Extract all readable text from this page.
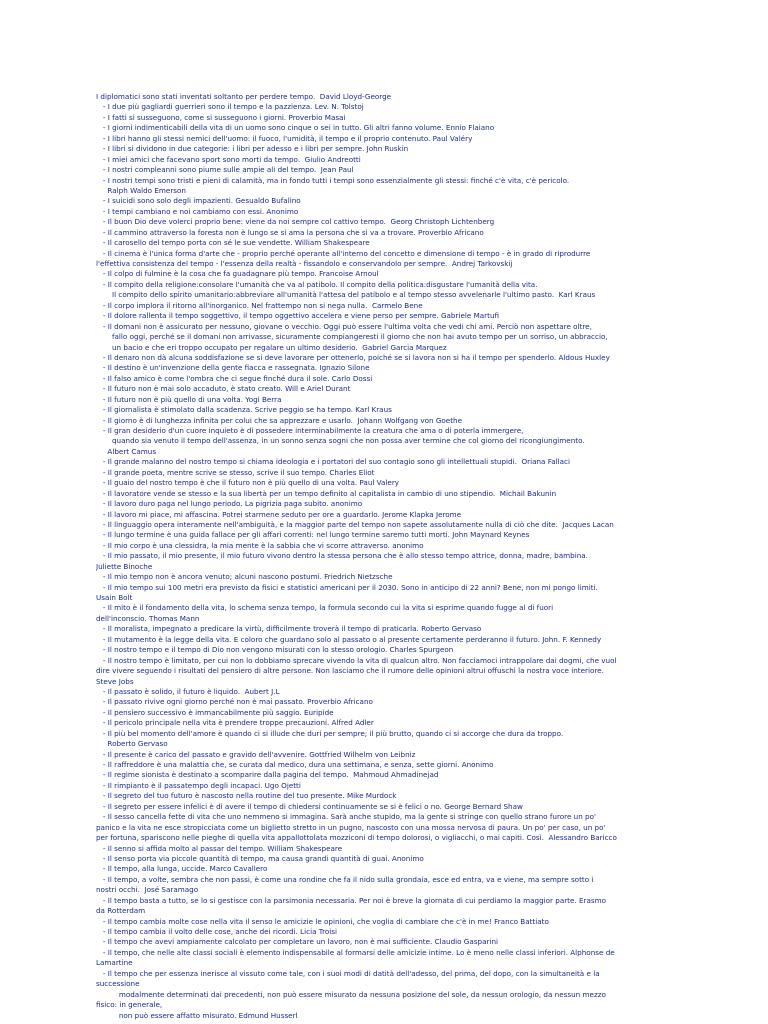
I diplomatici sono stati inventati soltanto per perdere tempo.  David Lloyd-George
- I due più gagliardi guerrieri sono il tempo e la pazzienza. Lev. N. Tolstoj
- I fatti si susseguono, come si susseguono i giorni. Proverbio Masai
- I giorni indimenticabili della vita di un uomo sono cinque o sei in tutto. Gli altri fanno volume. Ennio Flaiano
- I libri hanno gli stessi nemici dell'uomo: il fuoco, l'umidità, il tempo e il proprio contenuto. Paul Valéry
- I libri si dividono in due categorie: i libri per adesso e i libri per sempre. John Ruskin
- I miei amici che facevano sport sono morti da tempo.  Giulio Andreotti
- I nostri compleanni sono piume sulle ampie ali del tempo.  Jean Paul
- I nostri tempi sono tristi e pieni di calamità, ma in fondo tutti i tempi sono essenzialmente gli stessi: finché c'è vita, c'è pericolo.
Ralph Waldo Emerson
- I suicidi sono solo degli impazienti. Gesualdo Bufalino
- I tempi cambiano e noi cambiamo con essi. Anonimo
- Il buon Dio deve volerci proprio bene: viene da noi sempre col cattivo tempo.  Georg Christoph Lichtenberg
- Il cammino attraverso la foresta non è lungo se si ama la persona che si va a trovare. Proverbio Africano
- Il carosello del tempo porta con sé le sue vendette. William Shakespeare
- Il cinema è l'unica forma d'arte che - proprio perché operante all'interno del concetto e dimensione di tempo - è in grado di riprodurre
l'effettiva consistenza del tempo - l'essenza della realtà - fissandolo e conservandolo per sempre.  Andrej Tarkovskij
- Il colpo di fulmine è la cosa che fa guadagnare più tempo. Francoise Arnoul
- Il compito della religione:consolare l'umanità che va al patibolo. Il compito della politica:disgustare l'umanità della vita.
Il compito dello spirito umanitario:abbreviare all'umanità l'attesa del patibolo e al tempo stesso avvelenarle l'ultimo pasto.  Karl Kraus
- Il corpo implora il ritorno all'inorganico. Nel frattempo non si nega nulla.  Carmelo Bene
- Il dolore rallenta il tempo soggettivo, il tempo oggettivo accelera e viene perso per sempre. Gabriele Martufi
- Il domani non è assicurato per nessuno, giovane o vecchio. Oggi può essere l'ultima volta che vedi chi ami. Perciò non aspettare oltre,
fallo oggi, perché se il domani non arrivasse, sicuramente compiangeresti il giorno che non hai avuto tempo per un sorriso, un abbraccio,
un bacio e che eri troppo occupato per regalare un ultimo desiderio.  Gabriel Garcia Marquez
- Il denaro non dà alcuna soddisfazione se si deve lavorare per ottenerlo, poiché se si lavora non si ha il tempo per spenderlo. Aldous Huxley
- Il destino è un'invenzione della gente fiacca e rassegnata. Ignazio Silone
- Il falso amico è come l'ombra che ci segue finché dura il sole. Carlo Dossi
- Il futuro non è mai solo accaduto, è stato creato. Will e Ariel Durant
- Il futuro non è più quello di una volta. Yogi Berra
- Il giornalista è stimolato dalla scadenza. Scrive peggio se ha tempo. Karl Kraus
- Il giorno è di lunghezza infinita per colui che sa apprezzare e usarlo.  Johann Wolfgang von Goethe
- Il gran desiderio d'un cuore inquieto è di possedere interminabilmente la creatura che ama o di poterla immergere,
quando sia venuto il tempo dell'assenza, in un sonno senza sogni che non possa aver termine che col giorno del ricongiungimento.
Albert Camus
- Il grande malanno del nostro tempo si chiama ideologia e i portatori del suo contagio sono gli intellettuali stupidi.  Oriana Fallaci
- Il grande poeta, mentre scrive se stesso, scrive il suo tempo. Charles Eliot
- Il guaio del nostro tempo è che il futuro non è più quello di una volta. Paul Valery
- Il lavoratore vende se stesso e la sua libertà per un tempo definito al capitalista in cambio di uno stipendio.  Michail Bakunin
- Il lavoro duro paga nel lungo periodo. La pigrizia paga subito. anonimo
- Il lavoro mi piace, mi affascina. Potrei starmene seduto per ore a guardarlo. Jerome Klapka Jerome
- Il linguaggio opera interamente nell'ambiguità, e la maggior parte del tempo non sapete assolutamente nulla di ciò che dite.  Jacques Lacan
- Il lungo termine è una guida fallace per gli affari correnti: nel lungo termine saremo tutti morti. John Maynard Keynes
- Il mio corpo è una clessidra, la mia mente è la sabbia che vi scorre attraverso. anonimo
- Il mio passato, il mio presente, il mio futuro vivono dentro la stessa persona che è allo stesso tempo attrice, donna, madre, bambina.
Juliette Binoche
- Il mio tempo non è ancora venuto; alcuni nascono postumi. Friedrich Nietzsche
- Il mio tempo sui 100 metri era previsto da fisici e statistici americani per il 2030. Sono in anticipo di 22 anni? Bene, non mi pongo limiti.
Usain Bolt
- Il mito è il fondamento della vita, lo schema senza tempo, la formula secondo cui la vita si esprime quando fugge al di fuori
dell'inconscio. Thomas Mann
- Il moralista, impegnato a predicare la virtù, difficilmente troverà il tempo di praticarla. Roberto Gervaso
- Il mutamento è la legge della vita. E coloro che guardano solo al passato o al presente certamente perderanno il futuro. John. F. Kennedy
- Il nostro tempo e il tempo di Dio non vengono misurati con lo stesso orologio. Charles Spurgeon
- Il nostro tempo è limitato, per cui non lo dobbiamo sprecare vivendo la vita di qualcun altro. Non facciamoci intrappolare dai dogmi, che vuol
dire vivere seguendo i risultati del pensiero di altre persone. Non lasciamo che il rumore delle opinioni altrui offuschi la nostra voce interiore.
Steve Jobs
- Il passato è solido, il futuro è liquido.  Aubert J.L
- Il passato rivive ogni giorno perché non è mai passato. Proverbio Africano
- Il pensiero successivo è immancabilmente più saggio. Euripide
- Il pericolo principale nella vita è prendere troppe precauzioni. Alfred Adler
- Il più bel momento dell'amore è quando ci si illude che duri per sempre; il più brutto, quando ci si accorge che dura da troppo.
Roberto Gervaso
- Il presente è carico del passato e gravido dell'avvenire. Gottfried Wilhelm von Leibniz
- Il raffreddore è una malattia che, se curata dal medico, dura una settimana, e senza, sette giorni. Anonimo
- Il regime sionista è destinato a scomparire dalla pagina del tempo.  Mahmoud Ahmadinejad
- Il rimpianto è il passatempo degli incapaci. Ugo Ojetti
- Il segreto del tuo futuro è nascosto nella routine del tuo presente. Mike Murdock
- Il segreto per essere infelici è di avere il tempo di chiedersi continuamente se si è felici o no. George Bernard Shaw
- Il sesso cancella fette di vita che uno nemmeno si immagina. Sarà anche stupido, ma la gente si stringe con quello strano furore un po'
panico e la vita ne esce stropicciata come un biglietto stretto in un pugno, nascosto con una mossa nervosa di paura. Un po' per caso, un po'
per fortuna, spariscono nelle pieghe di quella vita appallottolata mozziconi di tempo dolorosi, o vigliacchi, o mai capiti. Così.  Alessandro Baricco
- Il senno si affida molto al passar del tempo. William Shakespeare
- Il senso porta via piccole quantità di tempo, ma causa grandi quantità di guai. Anonimo
- Il tempo, alla lunga, uccide. Marco Cavallero
- Il tempo, a volte, sembra che non passi, è come una rondine che fa il nido sulla grondaia, esce ed entra, va e viene, ma sempre sotto i
nostri occhi.  José Saramago
- Il tempo basta a tutto, se lo si gestisce con la parsimonia necessaria. Per noi è breve la giornata di cui perdiamo la maggior parte. Erasmo
da Rotterdam
- Il tempo cambia molte cose nella vita il senso le amicizie le opinioni, che voglia di cambiare che c'è in me! Franco Battiato
- Il tempo cambia il volto delle cose, anche dei ricordi. Licia Troisi
- Il tempo che avevi ampiamente calcolato per completare un lavoro, non è mai sufficiente. Claudio Gasparini
- Il tempo, che nelle alte classi sociali è elemento indispensabile al formarsi delle amicizie intime. Lo è meno nelle classi inferiori. Alphonse de
Lamartine
- Il tempo che per essenza inerisce al vissuto come tale, con i suoi modi di datità dell'adesso, del prima, del dopo, con la simultaneità e la
successione
modalmente determinati dai precedenti, non può essere misurato da nessuna posizione del sole, da nessun orologio, da nessun mezzo
fisico: in generale,
non può essere affatto misurato. Edmund Husserl
